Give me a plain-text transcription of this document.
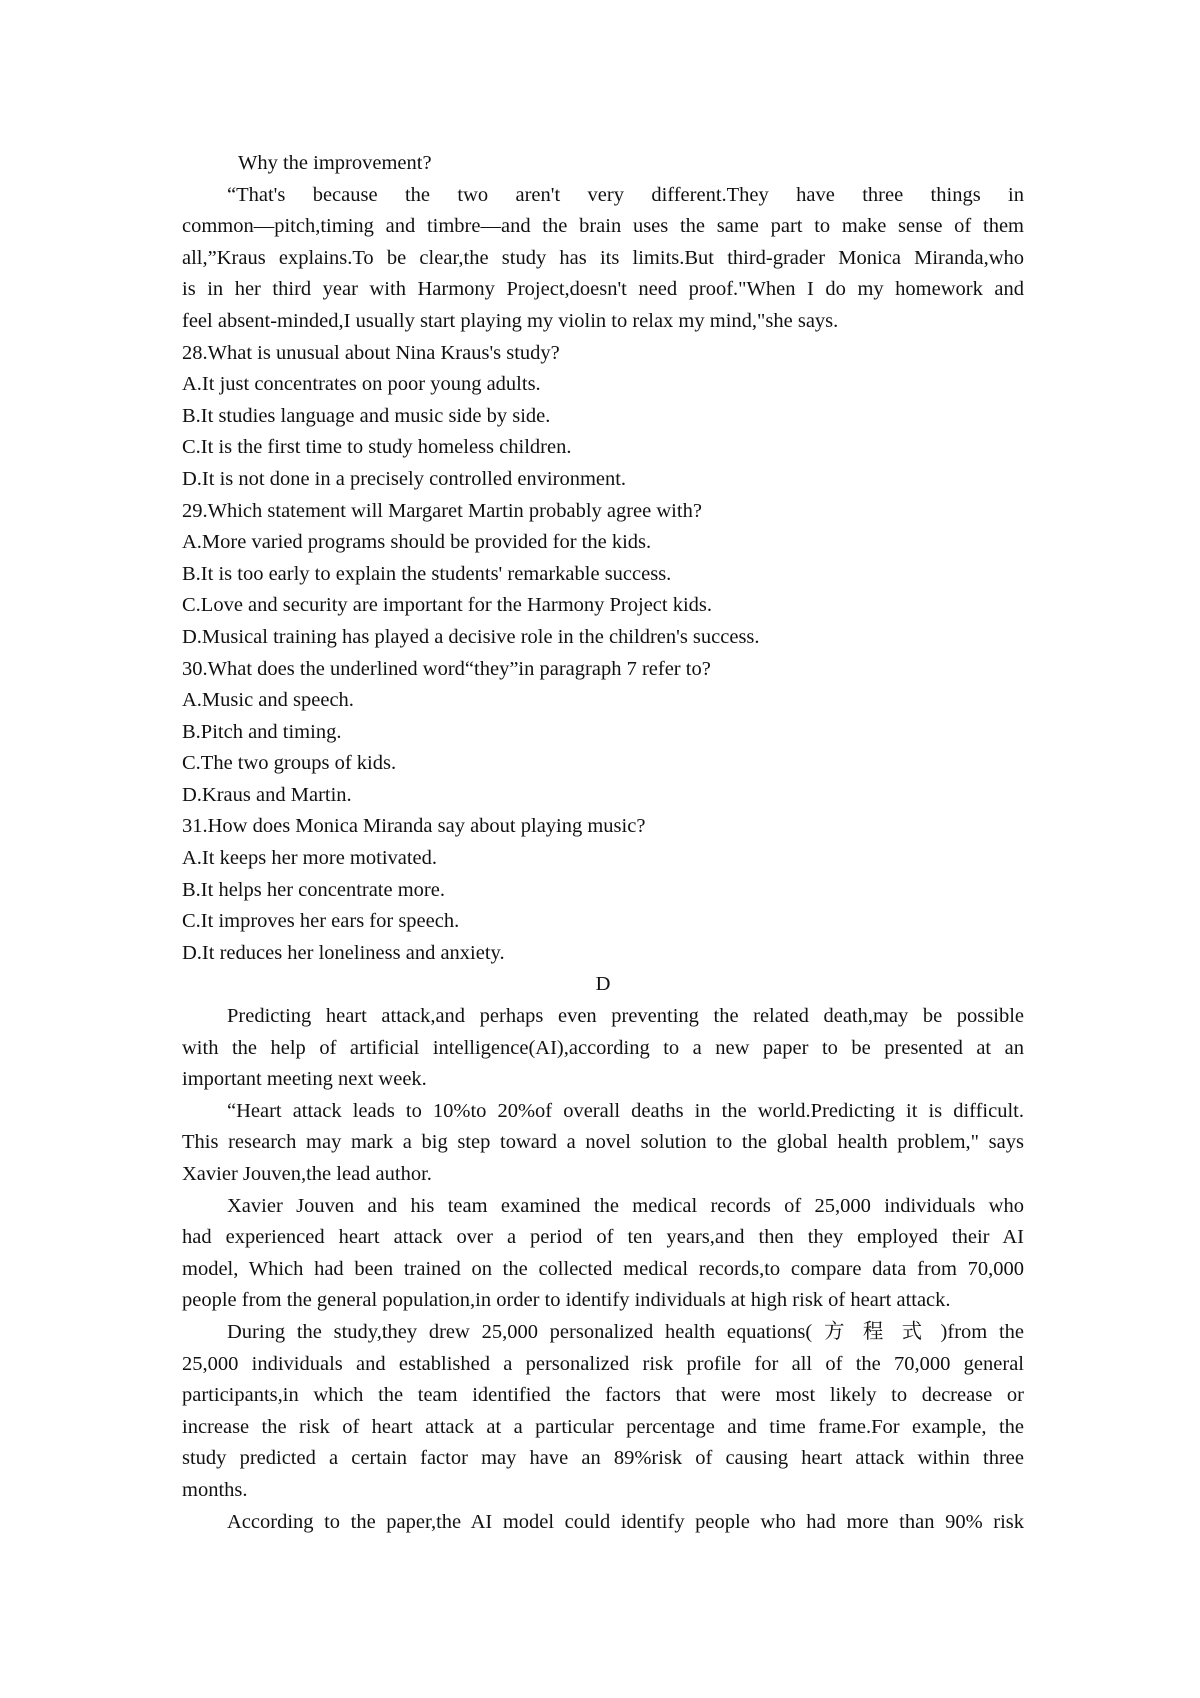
Why the improvement?
“That's because the two aren't very different.They have three things in
common—pitch,timing and timbre—and the brain uses the same part to make sense of them
all,”Kraus explains.To be clear,the study has its limits.But third-grader Monica Miranda,who
is in her third year with Harmony Project,doesn't need proof."When I do my homework and
feel absent-minded,I usually start playing my violin to relax my mind,"she says.
28.What is unusual about Nina Kraus's study?
A.It just concentrates on poor young adults.
B.It studies language and music side by side.
C.It is the first time to study homeless children.
D.It is not done in a precisely controlled environment.
29.Which statement will Margaret Martin probably agree with?
A.More varied programs should be provided for the kids.
B.It is too early to explain the students' remarkable success.
C.Love and security are important for the Harmony Project kids.
D.Musical training has played a decisive role in the children's success.
30.What does the underlined word“they”in paragraph 7 refer to?
A.Music and speech.
B.Pitch and timing.
C.The two groups of kids.
D.Kraus and Martin.
31.How does Monica Miranda say about playing music?
A.It keeps her more motivated.
B.It helps her concentrate more.
C.It improves her ears for speech.
D.It reduces her loneliness and anxiety.
D
Predicting heart attack,and perhaps even preventing the related death,may be possible
with the help of artificial intelligence(AI),according to a new paper to be presented at an
important meeting next week.
“Heart attack leads to 10%to 20%of overall deaths in the world.Predicting it is difficult.
This research may mark a big step toward a novel solution to the global health problem," says
Xavier Jouven,the lead author.
Xavier Jouven and his team examined the medical records of 25,000 individuals who
had experienced heart attack over a period of ten years,and then they employed their AI
model, Which had been trained on the collected medical records,to compare data from 70,000
people from the general population,in order to identify individuals at high risk of heart attack.
During the study,they drew 25,000 personalized health equations( 方 程 式 )from the
25,000 individuals and established a personalized risk profile for all of the 70,000 general
participants,in which the team identified the factors that were most likely to decrease or
increase the risk of heart attack at a particular percentage and time frame.For example, the
study predicted a certain factor may have an 89%risk of causing heart attack within three
months.
According to the paper,the AI model could identify people who had more than 90% risk
